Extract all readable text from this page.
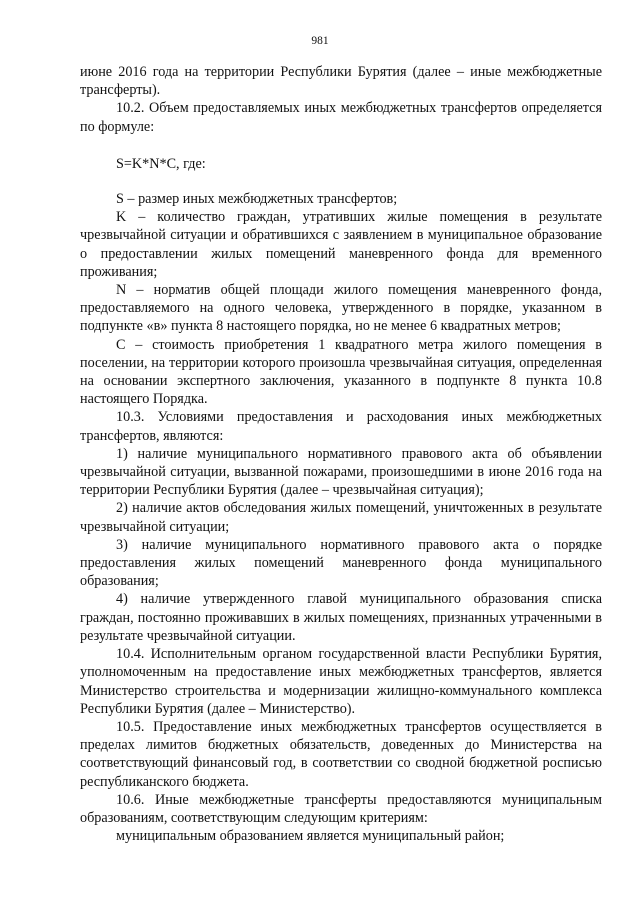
981

июне 2016 года на территории Республики Бурятия (далее – иные межбюджетные трансферты).

10.2. Объем предоставляемых иных межбюджетных трансфертов определяется по формуле:

S=K*N*C, где:

S – размер иных межбюджетных трансфертов;

K – количество граждан, утративших жилые помещения в результате чрезвычайной ситуации и обратившихся с заявлением в муниципальное образование о предоставлении жилых помещений маневренного фонда для временного проживания;

N – норматив общей площади жилого помещения маневренного фонда, предоставляемого на одного человека, утвержденного в порядке, указанном в подпункте «в» пункта 8 настоящего порядка, но не менее 6 квадратных метров;

C – стоимость приобретения 1 квадратного метра жилого помещения в поселении, на территории которого произошла чрезвычайная ситуация, определенная на основании экспертного заключения, указанного в подпункте 8 пункта 10.8 настоящего Порядка.

10.3. Условиями предоставления и расходования иных межбюджетных трансфертов, являются:

1) наличие муниципального нормативного правового акта об объявлении чрезвычайной ситуации, вызванной пожарами, произошедшими в июне 2016 года на территории Республики Бурятия (далее – чрезвычайная ситуация);

2) наличие актов обследования жилых помещений, уничтоженных в результате чрезвычайной ситуации;

3) наличие муниципального нормативного правового акта о порядке предоставления жилых помещений маневренного фонда муниципального образования;

4) наличие утвержденного главой муниципального образования списка граждан, постоянно проживавших в жилых помещениях, признанных утраченными в результате чрезвычайной ситуации.

10.4. Исполнительным органом государственной власти Республики Бурятия, уполномоченным на предоставление иных межбюджетных трансфертов, является Министерство строительства и модернизации жилищно-коммунального комплекса Республики Бурятия (далее – Министерство).

10.5. Предоставление иных межбюджетных трансфертов осуществляется в пределах лимитов бюджетных обязательств, доведенных до Министерства на соответствующий финансовый год, в соответствии со сводной бюджетной росписью республиканского бюджета.

10.6. Иные межбюджетные трансферты предоставляются муниципальным образованиям, соответствующим следующим критериям:

муниципальным образованием является муниципальный район;
